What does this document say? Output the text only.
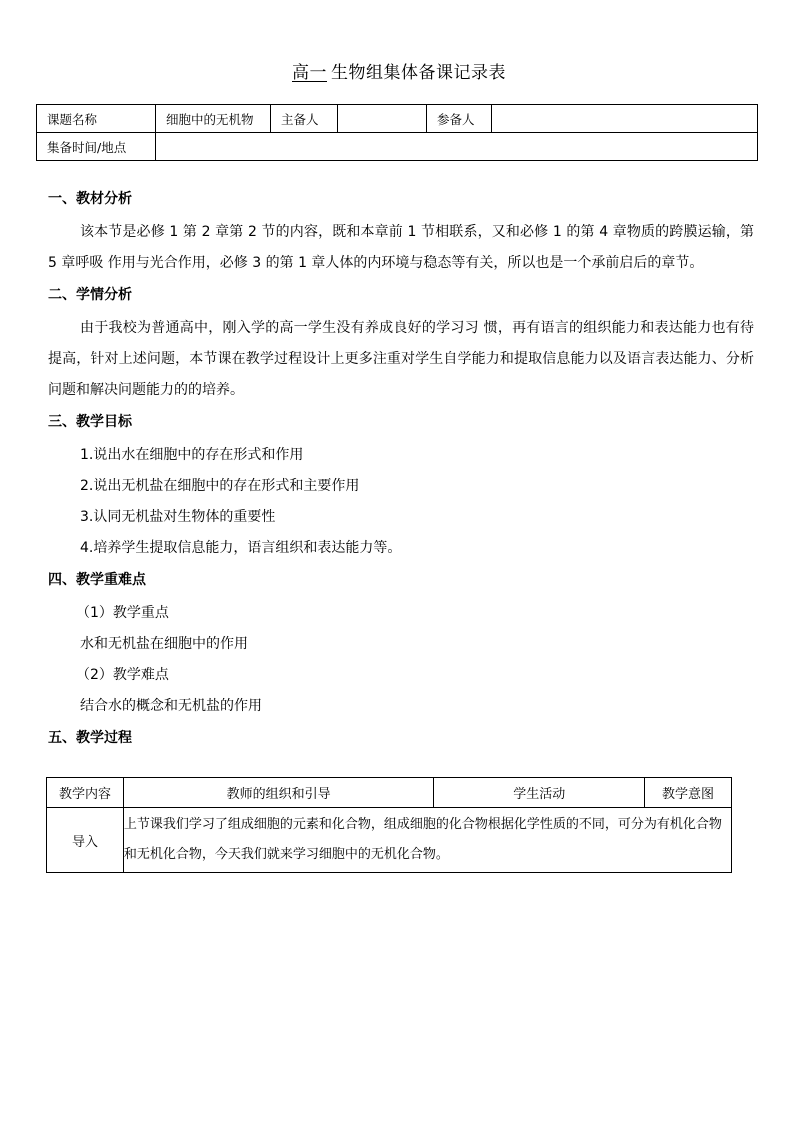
高一 生物组集体备课记录表
课题名称	细胞中的无机物	主备人		参备人	
集备时间/地点					
一、教材分析
该本节是必修 1 第 2 章第 2 节的内容，既和本章前 1 节相联系，又和必修 1 的第 4 章物质的跨膜运输，第 5 章呼吸 作用与光合作用，必修 3 的第 1 章人体的内环境与稳态等有关，所以也是一个承前启后的章节。
二、学情分析
由于我校为普通高中，刚入学的高一学生没有养成良好的学习习 惯，再有语言的组织能力和表达能力也有待提高，针对上述问题，本节课在教学过程设计上更多注重对学生自学能力和提取信息能力以及语言表达能力、分析问题和解决问题能力的的培养。
三、教学目标
1.说出水在细胞中的存在形式和作用
2.说出无机盐在细胞中的存在形式和主要作用
3.认同无机盐对生物体的重要性
4.培养学生提取信息能力，语言组织和表达能力等。
四、教学重难点
（1）教学重点
水和无机盐在细胞中的作用
（2）教学难点
结合水的概念和无机盐的作用
五、教学过程
教学内容	教师的组织和引导	学生活动	教学意图
导入	上节课我们学习了组成细胞的元素和化合物，组成细胞的化合物根据化学性质的不同，可分为有机化合物和无机化合物，今天我们就来学习细胞中的无机化合物。		
